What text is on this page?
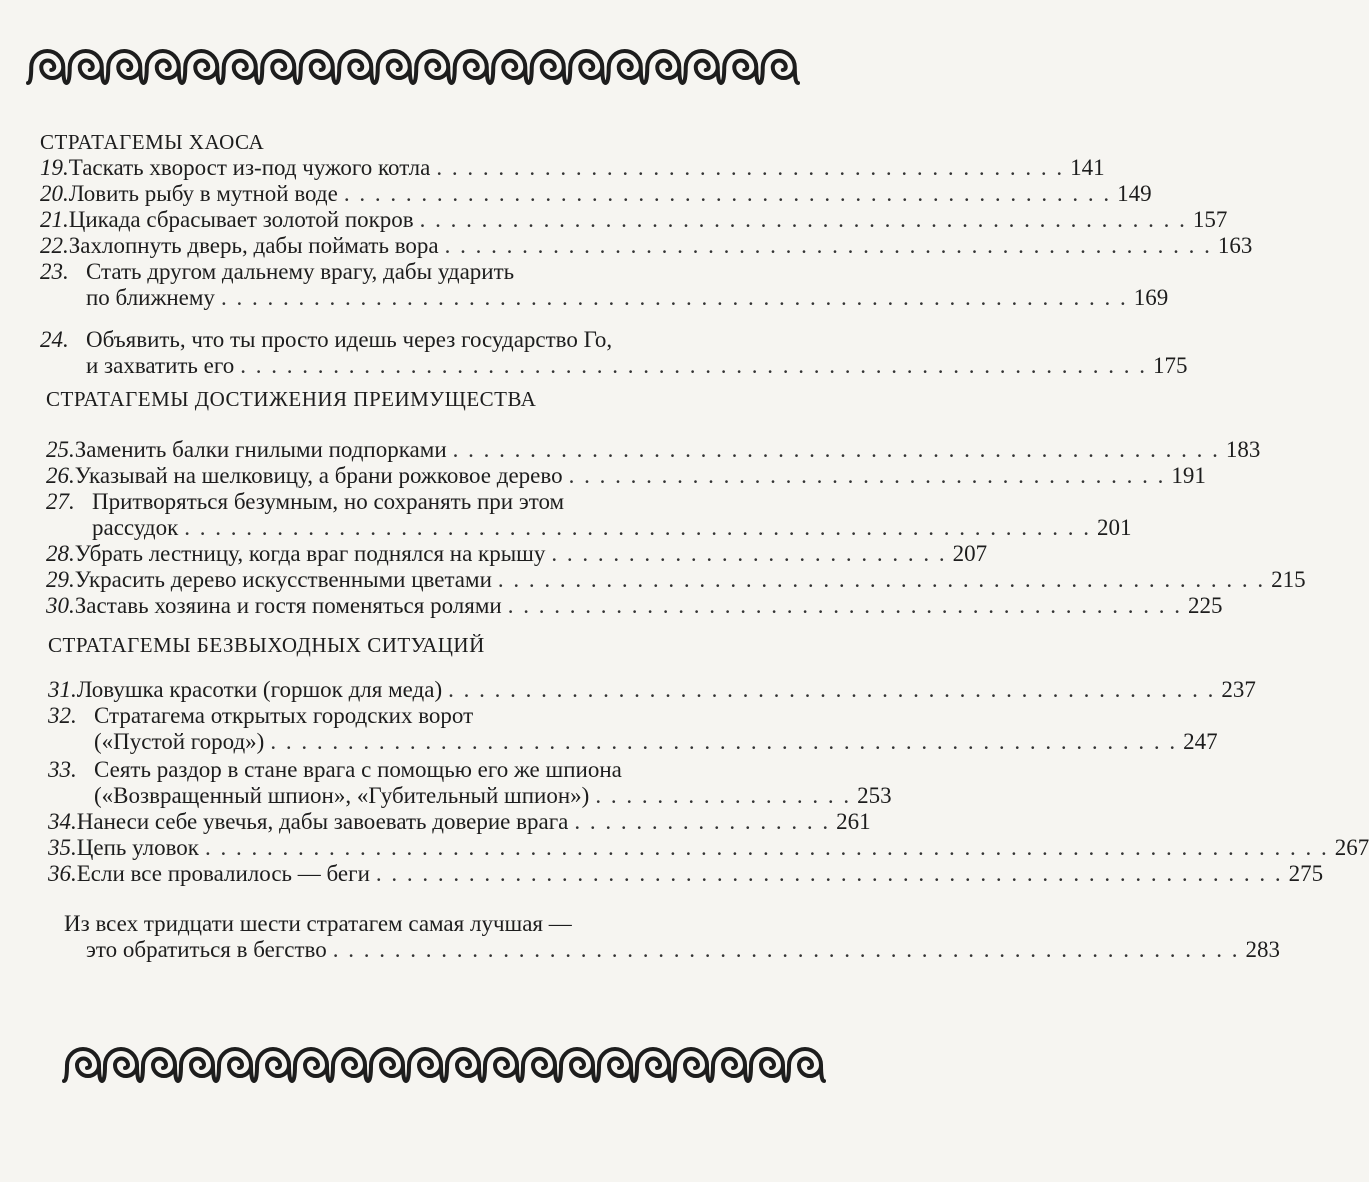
СТРАТАГЕМЫ ХАОСА
19. Таскать хворост из-под чужого котла . . . . . . . . . . . . . . . . . . . . . . . . . . . . . . . . . . . . . . . . . 141
20. Ловить рыбу в мутной воде . . . . . . . . . . . . . . . . . . . . . . . . . . . . . . . . . . . . . . . . . . . . . . . . . . 149
21. Цикада сбрасывает золотой покров . . . . . . . . . . . . . . . . . . . . . . . . . . . . . . . . . . . . . . . . . . . . . . . . . . 157
22. Захлопнуть дверь, дабы поймать вора . . . . . . . . . . . . . . . . . . . . . . . . . . . . . . . . . . . . . . . . . . . . . . . . . . 163
23. Стать другом дальнему врагу, дабы ударить
по ближнему . . . . . . . . . . . . . . . . . . . . . . . . . . . . . . . . . . . . . . . . . . . . . . . . . . . . . . . . . . . 169
24. Объявить, что ты просто идешь через государство Го,
и захватить его . . . . . . . . . . . . . . . . . . . . . . . . . . . . . . . . . . . . . . . . . . . . . . . . . . . . . . . . . . . 175
СТРАТАГЕМЫ ДОСТИЖЕНИЯ ПРЕИМУЩЕСТВА
25. Заменить балки гнилыми подпорками . . . . . . . . . . . . . . . . . . . . . . . . . . . . . . . . . . . . . . . . . . . . . . . . . . 183
26. Указывай на шелковицу, а брани рожковое дерево . . . . . . . . . . . . . . . . . . . . . . . . . . . . . . . . . . . . . . . 191
27. Притворяться безумным, но сохранять при этом
рассудок . . . . . . . . . . . . . . . . . . . . . . . . . . . . . . . . . . . . . . . . . . . . . . . . . . . . . . . . . . . 201
28. Убрать лестницу, когда враг поднялся на крышу . . . . . . . . . . . . . . . . . . . . . . . . . . 207
29. Украсить дерево искусственными цветами . . . . . . . . . . . . . . . . . . . . . . . . . . . . . . . . . . . . . . . . . . . . . . . . . . 215
30. Заставь хозяина и гостя поменяться ролями . . . . . . . . . . . . . . . . . . . . . . . . . . . . . . . . . . . . . . . . . . . . 225
СТРАТАГЕМЫ БЕЗВЫХОДНЫХ СИТУАЦИЙ
31. Ловушка красотки (горшок для меда) . . . . . . . . . . . . . . . . . . . . . . . . . . . . . . . . . . . . . . . . . . . . . . . . . . 237
32. Стратагема открытых городских ворот
(«Пустой город») . . . . . . . . . . . . . . . . . . . . . . . . . . . . . . . . . . . . . . . . . . . . . . . . . . . . . . . . . . . 247
33. Сеять раздор в стане врага с помощью его же шпиона
(«Возвращенный шпион», «Губительный шпион») . . . . . . . . . . . . . . . . . 253
34. Нанеси себе увечья, дабы завоевать доверие врага . . . . . . . . . . . . . . . . . 261
35. Цепь уловок . . . . . . . . . . . . . . . . . . . . . . . . . . . . . . . . . . . . . . . . . . . . . . . . . . . . . . . . . . . . . . . . . . . . . . . . . 267
36. Если все провалилось — беги . . . . . . . . . . . . . . . . . . . . . . . . . . . . . . . . . . . . . . . . . . . . . . . . . . . . . . . . . . . 275
Из всех тридцати шести стратагем самая лучшая —
это обратиться в бегство . . . . . . . . . . . . . . . . . . . . . . . . . . . . . . . . . . . . . . . . . . . . . . . . . . . . . . . . . . . 283
